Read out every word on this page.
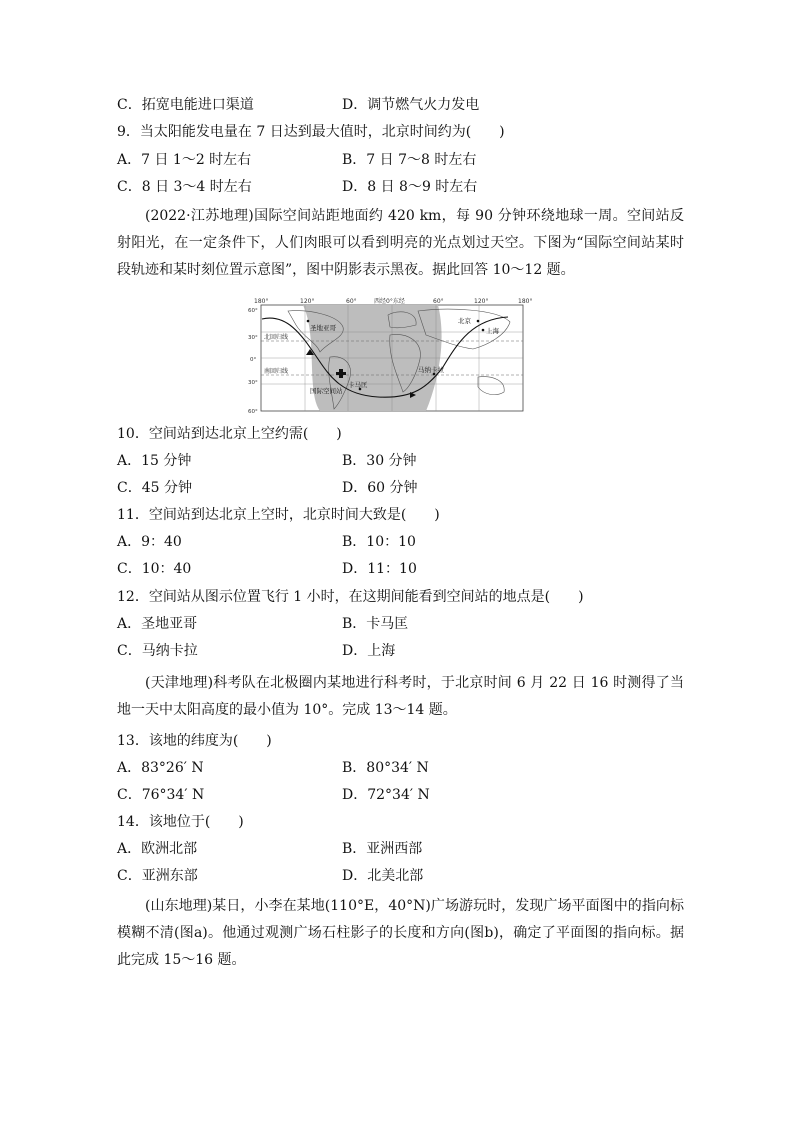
C．拓宽电能进口渠道	D．调节燃气火力发电
9．当太阳能发电量在 7 日达到最大值时，北京时间约为(　　)
A．7 日 1～2 时左右	B．7 日 7～8 时左右
C．8 日 3～4 时左右	D．8 日 8～9 时左右

(2022·江苏地理)国际空间站距地面约 420 km，每 90 分钟环绕地球一周。空间站反射阳光，在一定条件下，人们肉眼可以看到明亮的光点划过天空。下图为“国际空间站某时段轨迹和某时刻位置示意图”，图中阴影表示黑夜。据此回答 10～12 题。

180°	120°	60°	西经0°东经	60°	120°	180°
60°
30°
0°
30°
60°
北回归线
南回归线
圣地亚哥
北京
上海
卡马匡
马纳卡拉
国际空间站
10．空间站到达北京上空约需(　　)
A．15 分钟	B．30 分钟
C．45 分钟	D．60 分钟
11．空间站到达北京上空时，北京时间大致是(　　)
A．9：40	B．10：10
C．10：40	D．11：10
12．空间站从图示位置飞行 1 小时，在这期间能看到空间站的地点是(　　)
A．圣地亚哥	B．卡马匡
C．马纳卡拉	D．上海

(天津地理)科考队在北极圈内某地进行科考时，于北京时间 6 月 22 日 16 时测得了当地一天中太阳高度的最小值为 10°。完成 13～14 题。

13．该地的纬度为(　　)
A．83°26′ N	B．80°34′ N
C．76°34′ N	D．72°34′ N
14．该地位于(　　)
A．欧洲北部	B．亚洲西部
C．亚洲东部	D．北美北部

(山东地理)某日，小李在某地(110°E，40°N)广场游玩时，发现广场平面图中的指向标模糊不清(图a)。他通过观测广场石柱影子的长度和方向(图b)，确定了平面图的指向标。据此完成 15～16 题。
